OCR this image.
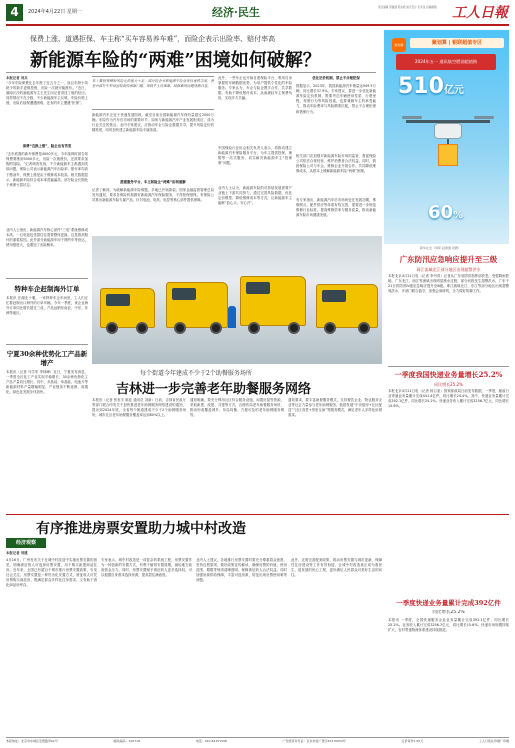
4	2024年4月22日 星期一	经济·民生	责任编辑 邵健健 陈东皓 版式设计 宋兆莹 投稿邮箱： 工人日報
保费上涨、道遇拒保、车主称“买车容易养车难”，而险企表示出险率、赔付率高
新能源车险的“两难”困境如何破解？
本报记者 刘兵
“今年车险保费比去年涨了近五分之一，而且年龄小驾龄少的新手更难投保，出险一次就可能涨价。”近日，湖南长沙的新能源车主王先生向记者讲述了他的经历。同样情况不在少数，不少新能源车主反映，车险价格上涨，出险后续保遭遇困难，还有的车主遭遇“拒保”。
保费“近换上涨”，险企也有苦衷
“去年底我的新车保费是4000多元，今年续保时被告知保费要涨到5000多元，出险一次就涨价，还被要求加购附加险。”记者调查发现，不少新能源车主都遇到类似问题，保险公司表示新能源汽车出险率、赔付率均高于燃油车，保费上涨是由于维修成本较高。相关数据显示，新能源车险综合成本率普遍偏高，部分险企长期处于承保亏损状态。
业内人士指出，新能源汽车核心部件“三电”系统维修成本高，一旦电池包受损往往需要整体更换，这是推高赔付的重要原因。此外部分新能源车用于网约车等营运，使用强度大，也增加了出险概率。
基于数据规模和风险定价能力不足，部分险企对新能源车险业务持谨慎态度，甚至对部分车型设置较高的承保门槛，导致车主投保难、续保难的问题逐渐凸显。
新能源汽车正处于快速发展阶段，截至目前全国新能源汽车保有量超过2000万辆。车险作为汽车后市场的重要环节，如何与新能源汽车产业发展相适应，成为行业关注的焦点。业内专家建议，应推动车企与险企数据共享，提升风险定价的精准度，同时加快建立新能源车险专属条款。
搭建服务平台，车主和险企“两难”如何破解
记者了解到，为破解新能源车险难题，多地已开始探索。国家金融监督管理总局发布通知，要求各保险机构做好新能源汽车保险服务，不得拒保惜保。有保险公司推出新能源车险专属产品，针对电池、电机、电控等核心部件提供保障。
此外，一些车企也开始自建保险平台，利用自身掌握的车辆数据优势，为用户提供个性化的车险服务。专家认为，车企与险企携手合作，共享数据，有助于降低赔付成本，从而减轻车主保费负担，实现多方共赢。
中国保险行业协会相关负责人表示，将推动建立新能源汽车保险服务平台，为车主提供投保、理赔等一站式服务，切实解决新能源车主“投保难”问题。
业内人士认为，新能源车险的可持续发展需要产业链上下游共同努力，通过完善风险数据、优化定价模型、降低维修成本等方式，让新能源车主能够“放心买、安心开”。
优化定价机制，禁止不合理拒保
数据显示，2023年，我国新能源汽车销量达949.5万辆，同比增长37.9%。专家建议，要进一步优化新能源车险定价机制，既要考虑车辆使用性质、行驶里程、驾驶行为等风险因素，也要兼顾车主的承受能力，推动车险费率与风险精准匹配，禁止不合理拒保和惜保行为。
相关部门应加强对新能源车险市场的监管，督促保险公司依法合规经营，维护消费者合法权益。同时，鼓励保险公司与车企、维修企业开展合作，共同降低维修成本，从根本上缓解新能源车险“两难”困境。
有专家指出，新能源汽车后市场尚处在发展初期，维修网点、配件供应等体系有待完善，需要进一步规范维修行业标准，提高维修效率与服务质量，推动新能源车险市场健康发展。
聚划算	聚划算 | 银联超值专区
2024年五一 通讯航空燃油超值购
510亿元
60%
新华社发（刘军 赵建国 供图）
特种车企赶制海外订单
本报讯 在湖北十堰，一家特种车企车间里，工人们正忙着赶制出口海外的订单车辆。今年一季度，该企业海外订单同比增长超过三成，产品远销东南亚、中东、非洲等地区。
宁夏30余种优势化工产品新增产
本报讯（记者 马学军 李林峰）近日，宁夏发布消息，一季度全区化工产业实现平稳增长，30余种优势化工产品产量同比增长。其中，多晶硅、单晶硅、电池片等新能源材料产量增幅明显，产业链条不断延伸，高端化、绿色化发展步伐加快。
每个街道今年建成不少于2个助餐服务场所
吉林进一步完善老年助餐服务网络
本报讯（记者 张世宇 陈佳 通讯员 刘新）日前，吉林省民政厅等部门联合印发关于加快推进老年助餐服务网络建设的通知，提出到2024年底，全省每个街道建成不少于2个助餐服务场所，城市社区老年助餐服务覆盖率达到80%以上。
通知明确，要充分利用社区综合服务设施、闲置房屋等资源，采取新建、改建、共建等方式，合理布局老年助餐服务场所，推动形成覆盖城乡、布局均衡、方便可及的老年助餐服务网络。
通知要求，要丰富助餐服务模式，支持餐饮企业、物业服务企业等社会力量参与老年助餐服务，鼓励发展“中央厨房+社区配送”“社区食堂+邻里互助”等服务模式，满足老年人多样化用餐需求。
广东防汛应急响应提升至三级
珠江流域北江部分地区出现超警洪水
本报北京4月21日电（记者 李丹青）记者从广东省防汛指挥部获悉，受强降雨影响，广东北江、西江等流域出现明显涨水过程，部分河段发生超警洪水，广东于21日将防汛Ⅳ级应急响应提升至Ⅲ级。珠江流域北江、东江等部分地区出现超警戒洪水，多部门联合值守，加强会商研判，全力做好防御工作。
一季度我国快递业务量增长25.2%
同比增长25.2%
本报北京4月21日电（记者 杨召奎）国家邮政局日前发布数据，一季度，邮政行业寄递业务量累计完成441.4亿件，同比增长24.4%。其中，快递业务量累计完成392.1亿件，同比增长25.2%。快递业务收入累计完成3256.7亿元，同比增长15.6%。
有序推进房票安置助力城中村改造
经济观察
本报记者 刘建
4月16日，广州发布关于在城中村改造中实施房票安置的意见，明确被征收人可选择房票安置，用于购买新建商品住房。近年来，全国已有超百个城市推行房票安置政策，引发社会关注。房票安置是一种货币化安置方式，被征收人可凭房票购买商品房，既满足群众多样化住房需求，又有助于消化商品房库存。
专家表示，城中村改造是一项复杂的系统工程，房票安置作为一种创新的安置方式，有利于缩短安置周期，减轻地方政府资金压力。同时，房票安置赋予被征收人更多选择权，可以根据自身需求选择房源，提高居住满意度。
业内人士建议，各地推行房票安置时要充分尊重群众意愿，坚持自愿原则，做好政策宣传解读，确保房票的价值、使用范围、期限等规则清晰透明，保障被征收人合法权益。同时加强房源供给保障，丰富可选房源，防范出现房票使用难等问题。
此外，还需完善配套政策，推动房票安置与城市更新、保障性住房建设等工作有效衔接，让城中村改造真正成为惠民生、促发展的民心工程，更好满足人民群众对美好生活的向往。
一季度快递业务量累计完成392亿件
同比增长25.2%
本报讯 一季度，全国快递服务企业业务量累计完成392.1亿件，同比增长25.2%。业务收入累计完成3256.7亿元，同比增长15.6%。快递市场规模持续扩大，农村寄递物流体系建设持续推进。
本报地址：北京市东城区安德路甲61号	邮政编码：100718	电话：010-84151598	广告经营许可证：京东市监广登字20170054号	定价每份1.50元	工人日报社印刷厂印刷
